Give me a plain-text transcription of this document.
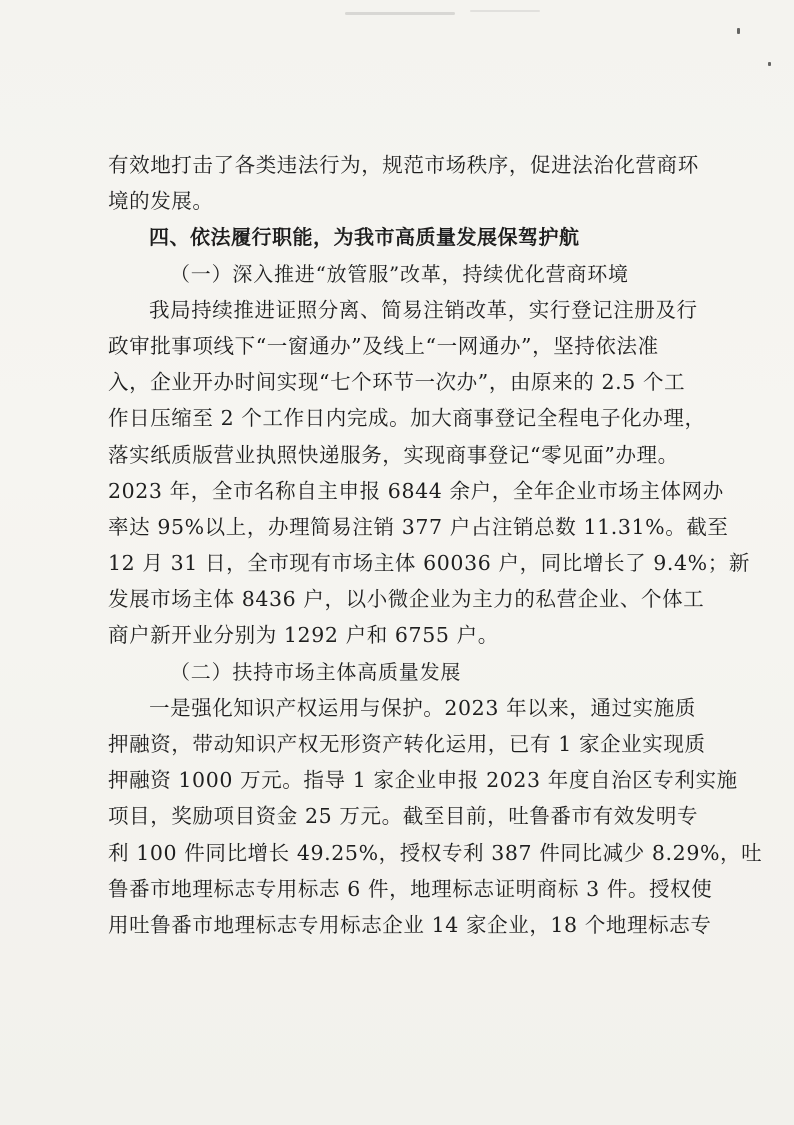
有效地打击了各类违法行为，规范市场秩序，促进法治化营商环
境的发展。
四、依法履行职能，为我市高质量发展保驾护航
（一）深入推进“放管服”改革，持续优化营商环境
我局持续推进证照分离、简易注销改革，实行登记注册及行
政审批事项线下“一窗通办”及线上“一网通办”，坚持依法准
入，企业开办时间实现“七个环节一次办”，由原来的 2.5 个工
作日压缩至 2 个工作日内完成。加大商事登记全程电子化办理，
落实纸质版营业执照快递服务，实现商事登记“零见面”办理。
2023 年，全市名称自主申报 6844 余户，全年企业市场主体网办
率达 95%以上，办理简易注销 377 户占注销总数 11.31%。截至
12 月 31 日，全市现有市场主体 60036 户，同比增长了 9.4%；新
发展市场主体 8436 户，以小微企业为主力的私营企业、个体工
商户新开业分别为 1292 户和 6755 户。
（二）扶持市场主体高质量发展
一是强化知识产权运用与保护。2023 年以来，通过实施质
押融资，带动知识产权无形资产转化运用，已有 1 家企业实现质
押融资 1000 万元。指导 1 家企业申报 2023 年度自治区专利实施
项目，奖励项目资金 25 万元。截至目前，吐鲁番市有效发明专
利 100 件同比增长 49.25%，授权专利 387 件同比减少 8.29%，吐
鲁番市地理标志专用标志 6 件，地理标志证明商标 3 件。授权使
用吐鲁番市地理标志专用标志企业 14 家企业，18 个地理标志专
